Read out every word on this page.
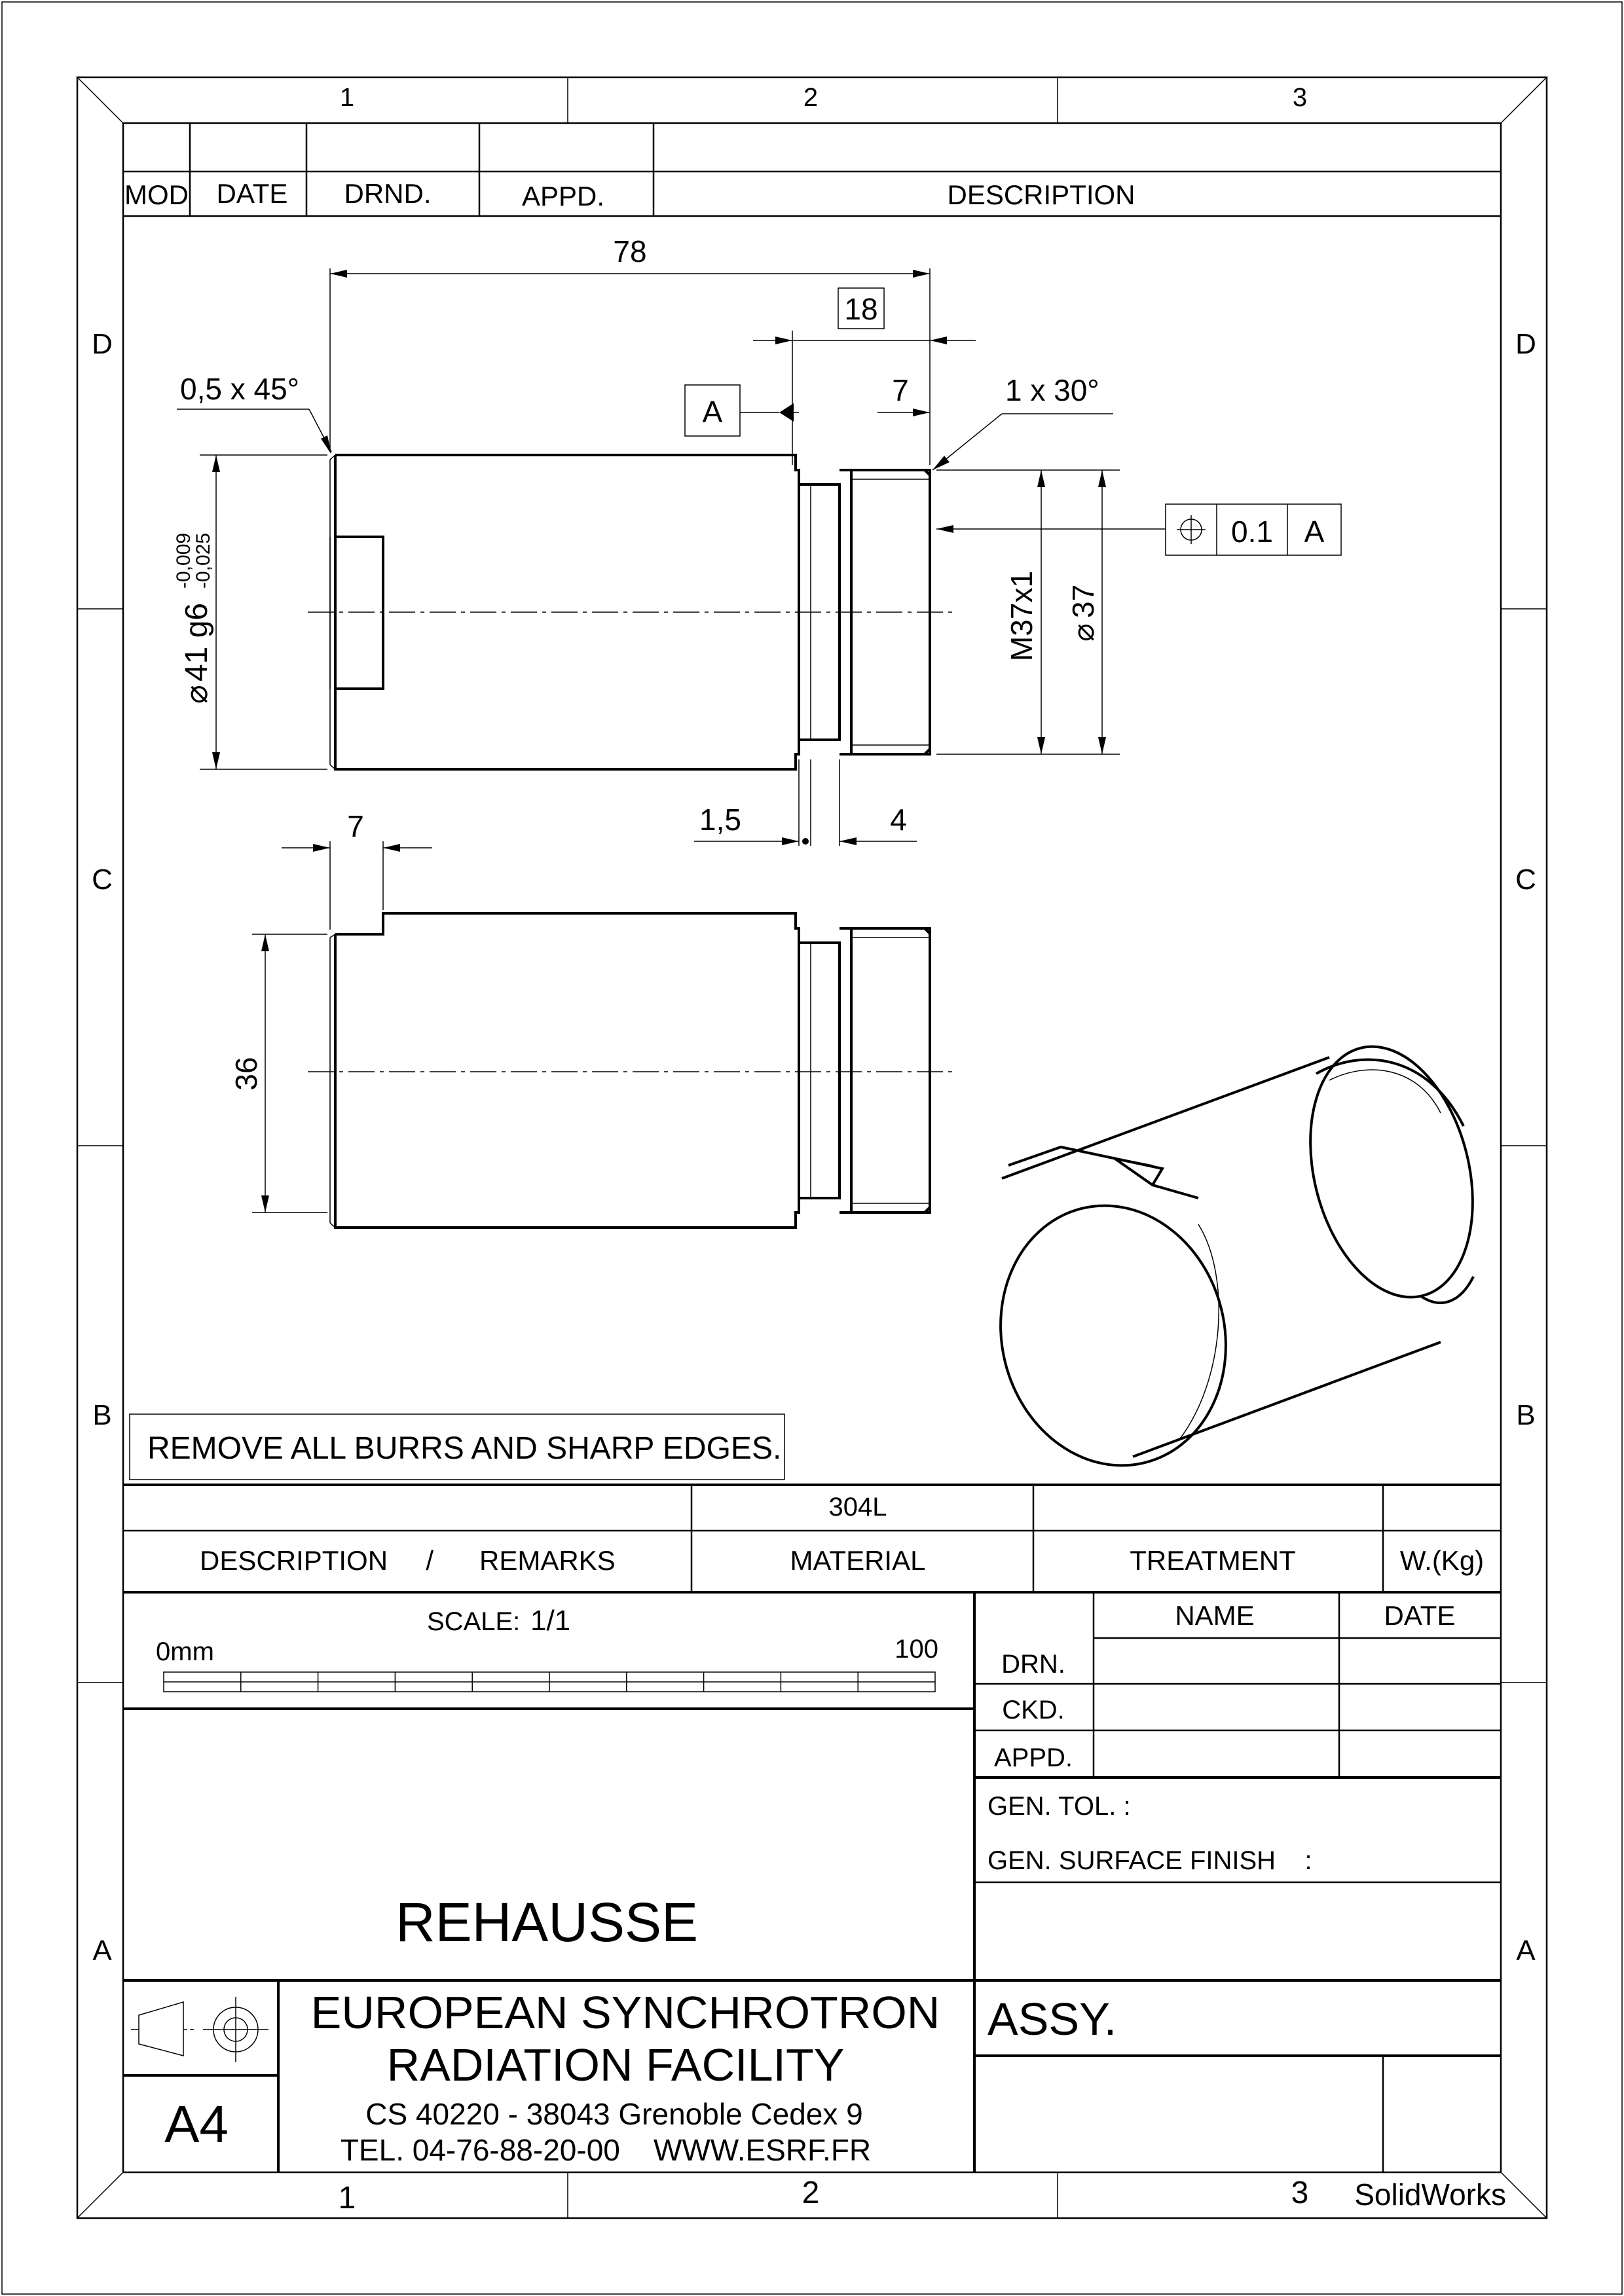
1	2	3
1	2	3 SolidWorks
D
C
B
A
D
C
B
A
MOD DATE DRND.	APPD.	DESCRIPTION
78
18
7
A
0,5 x 45°	1 x 30°
⌀
41 g6
-0,009
-0,025
M37x1 ⌀
37
1,5	4
0.1 A
7
36
REMOVE ALL BURRS AND SHARP EDGES.
304L
DESCRIPTION     /      REMARKS	MATERIAL	TREATMENT	W.(Kg)
SCALE: 1/1
0mm	100
NAME	DATE
DRN.
CKD.
APPD.
GEN. TOL. :
GEN. SURFACE FINISH    :
REHAUSSE
EUROPEAN SYNCHROTRON
RADIATION FACILITY
CS 40220 - 38043 Grenoble Cedex 9
TEL. 04-76-88-20-00    WWW.ESRF.FR
ASSY.
A4
